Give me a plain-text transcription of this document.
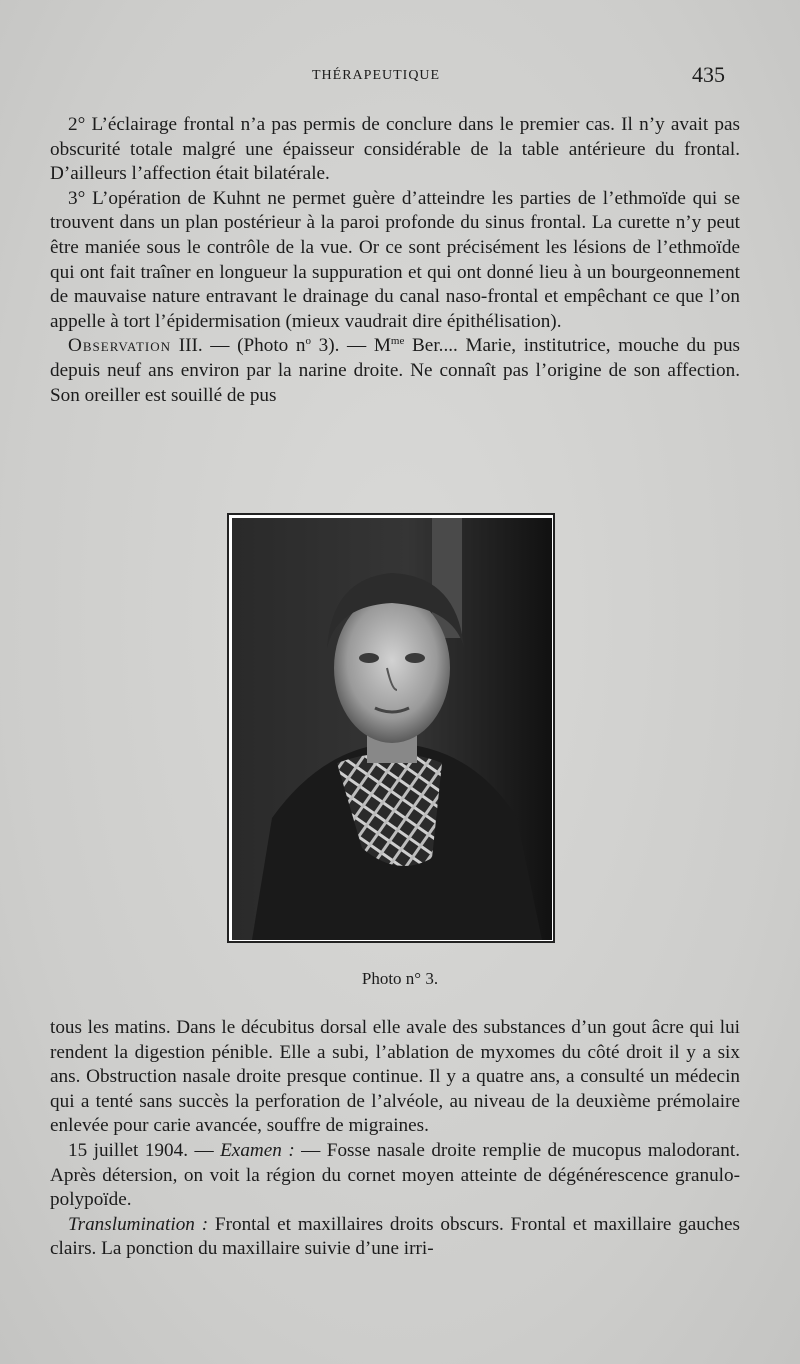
THÉRAPEUTIQUE	435

2° L’éclairage frontal n’a pas permis de conclure dans le premier cas. Il n’y avait pas obscurité totale malgré une épaisseur considérable de la table antérieure du frontal. D’ailleurs l’affection était bilatérale.

3° L’opération de Kuhnt ne permet guère d’atteindre les parties de l’ethmoïde qui se trouvent dans un plan postérieur à la paroi profonde du sinus frontal. La curette n’y peut être maniée sous le contrôle de la vue. Or ce sont précisément les lésions de l’ethmoïde qui ont fait traîner en longueur la suppuration et qui ont donné lieu à un bourgeonnement de mauvaise nature entravant le drainage du canal naso-frontal et empêchant ce que l’on appelle à tort l’épidermisation (mieux vaudrait dire épithélisation).

Observation III. — (Photo $n^o$ 3). — $M^{me}$ Ber.... Marie, institutrice, mouche du pus depuis neuf ans environ par la narine droite. Ne connaît pas l’origine de son affection. Son oreiller est souillé de pus

Photo n° 3.

tous les matins. Dans le décubitus dorsal elle avale des substances d’un gout âcre qui lui rendent la digestion pénible. Elle a subi, l’ablation de myxomes du côté droit il y a six ans. Obstruction nasale droite presque continue. Il y a quatre ans, a consulté un médecin qui a tenté sans succès la perforation de l’alvéole, au niveau de la deuxième prémolaire enlevée pour carie avancée, souffre de migraines.

15 juillet 1904. — Examen : — Fosse nasale droite remplie de mucopus malodorant. Après détersion, on voit la région du cornet moyen atteinte de dégénérescence granulo-polypoïde.

Translumination : Frontal et maxillaires droits obscurs. Frontal et maxillaire gauches clairs. La ponction du maxillaire suivie d’une irri-
